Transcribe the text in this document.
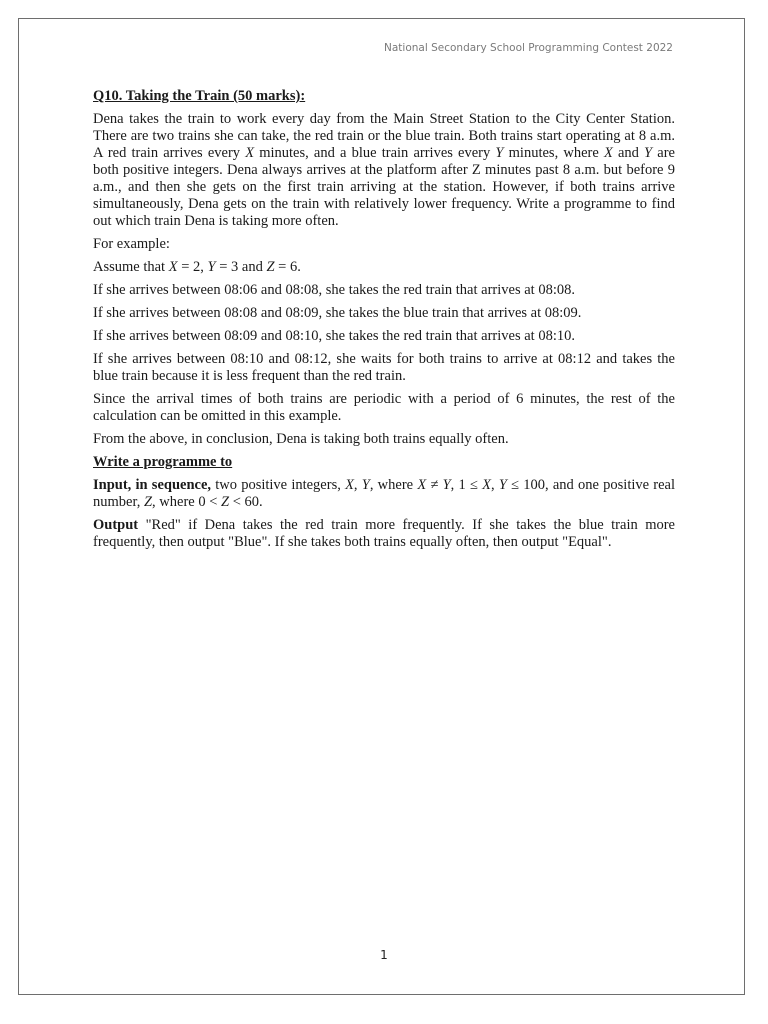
National Secondary School Programming Contest 2022

Q10. Taking the Train (50 marks):

Dena takes the train to work every day from the Main Street Station to the City Center Station. There are two trains she can take, the red train or the blue train. Both trains start operating at 8 a.m. A red train arrives every X minutes, and a blue train arrives every Y minutes, where X and Y are both positive integers. Dena always arrives at the platform after Z minutes past 8 a.m. but before 9 a.m., and then she gets on the first train arriving at the station. However, if both trains arrive simultaneously, Dena gets on the train with relatively lower frequency. Write a programme to find out which train Dena is taking more often.

For example:

Assume that X = 2, Y = 3 and Z = 6.

If she arrives between 08:06 and 08:08, she takes the red train that arrives at 08:08.

If she arrives between 08:08 and 08:09, she takes the blue train that arrives at 08:09.

If she arrives between 08:09 and 08:10, she takes the red train that arrives at 08:10.

If she arrives between 08:10 and 08:12, she waits for both trains to arrive at 08:12 and takes the blue train because it is less frequent than the red train.

Since the arrival times of both trains are periodic with a period of 6 minutes, the rest of the calculation can be omitted in this example.

From the above, in conclusion, Dena is taking both trains equally often.

Write a programme to

Input, in sequence, two positive integers, X, Y, where X ≠ Y, 1 ≤ X, Y ≤ 100, and one positive real number, Z, where 0 < Z < 60.

Output "Red" if Dena takes the red train more frequently. If she takes the blue train more frequently, then output "Blue". If she takes both trains equally often, then output "Equal".

1
